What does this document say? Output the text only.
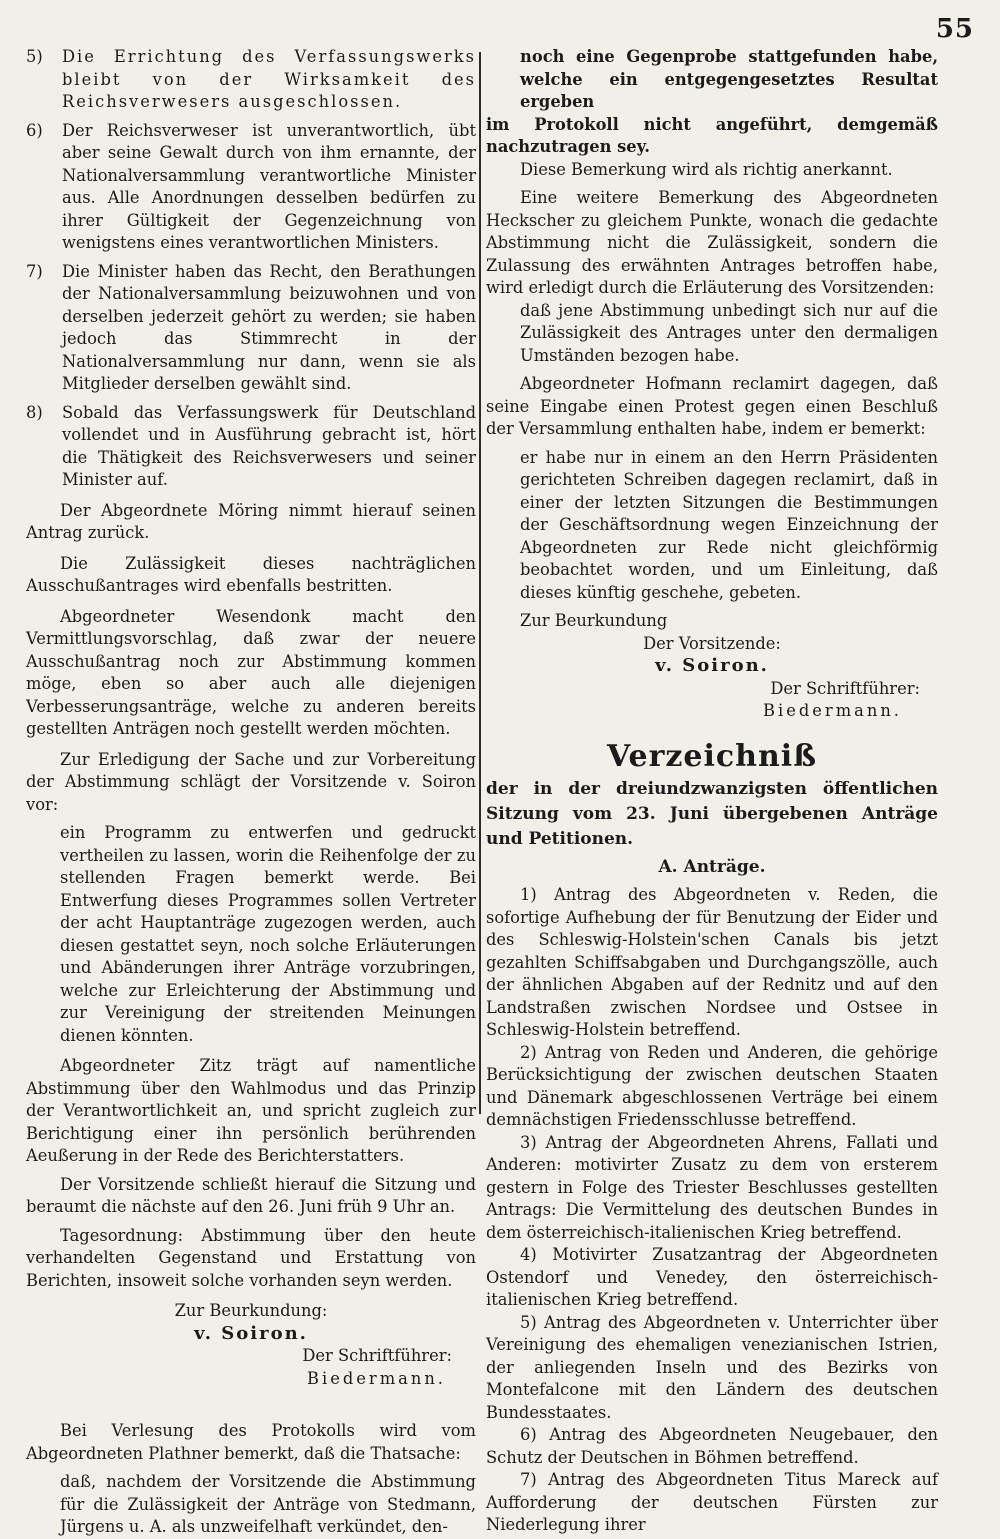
55
5)	Die Errichtung des Verfassungswerks bleibt von der Wirksamkeit des Reichsverwesers ausgeschlossen.
6)	Der Reichsverweser ist unverantwortlich, übt aber seine Gewalt durch von ihm ernannte, der Nationalversammlung verantwortliche Minister aus. Alle Anordnungen desselben bedürfen zu ihrer Gültigkeit der Gegenzeichnung von wenigstens eines verantwortlichen Ministers.
7)	Die Minister haben das Recht, den Berathungen der Nationalversammlung beizuwohnen und von derselben jederzeit gehört zu werden; sie haben jedoch das Stimmrecht in der Nationalversammlung nur dann, wenn sie als Mitglieder derselben gewählt sind.
8)	Sobald das Verfassungswerk für Deutschland vollendet und in Ausführung gebracht ist, hört die Thätigkeit des Reichsverwesers und seiner Minister auf.

Der Abgeordnete Möring nimmt hierauf seinen Antrag zurück.

Die Zulässigkeit dieses nachträglichen Ausschußantrages wird ebenfalls bestritten.

Abgeordneter Wesendonk macht den Vermittlungsvorschlag, daß zwar der neuere Ausschußantrag noch zur Abstimmung kommen möge, eben so aber auch alle diejenigen Verbesserungsanträge, welche zu anderen bereits gestellten Anträgen noch gestellt werden möchten.

Zur Erledigung der Sache und zur Vorbereitung der Abstimmung schlägt der Vorsitzende v. Soiron vor:

ein Programm zu entwerfen und gedruckt vertheilen zu lassen, worin die Reihenfolge der zu stellenden Fragen bemerkt werde. Bei Entwerfung dieses Programmes sollen Vertreter der acht Hauptanträge zugezogen werden, auch diesen gestattet seyn, noch solche Erläuterungen und Abänderungen ihrer Anträge vorzubringen, welche zur Erleichterung der Abstimmung und zur Vereinigung der streitenden Meinungen dienen könnten.

Abgeordneter Zitz trägt auf namentliche Abstimmung über den Wahlmodus und das Prinzip der Verantwortlichkeit an, und spricht zugleich zur Berichtigung einer ihn persönlich berührenden Aeußerung in der Rede des Berichterstatters.

Der Vorsitzende schließt hierauf die Sitzung und beraumt die nächste auf den 26. Juni früh 9 Uhr an.

Tagesordnung: Abstimmung über den heute verhandelten Gegenstand und Erstattung von Berichten, insoweit solche vorhanden seyn werden.

Zur Beurkundung:
v. Soiron.
Der Schriftführer:
Biedermann.

Bei Verlesung des Protokolls wird vom Abgeordneten Plathner bemerkt, daß die Thatsache:

daß, nachdem der Vorsitzende die Abstimmung für die Zulässigkeit der Anträge von Stedmann, Jürgens u. A. als unzweifelhaft verkündet, den-

noch eine Gegenprobe stattgefunden habe, welche ein entgegengesetztes Resultat ergeben

im Protokoll nicht angeführt, demgemäß nachzutragen sey.

Diese Bemerkung wird als richtig anerkannt.

Eine weitere Bemerkung des Abgeordneten Heckscher zu gleichem Punkte, wonach die gedachte Abstimmung nicht die Zulässigkeit, sondern die Zulassung des erwähnten Antrages betroffen habe, wird erledigt durch die Erläuterung des Vorsitzenden:

daß jene Abstimmung unbedingt sich nur auf die Zulässigkeit des Antrages unter den dermaligen Umständen bezogen habe.

Abgeordneter Hofmann reclamirt dagegen, daß seine Eingabe einen Protest gegen einen Beschluß der Versammlung enthalten habe, indem er bemerkt:

er habe nur in einem an den Herrn Präsidenten gerichteten Schreiben dagegen reclamirt, daß in einer der letzten Sitzungen die Bestimmungen der Geschäftsordnung wegen Einzeichnung der Abgeordneten zur Rede nicht gleichförmig beobachtet worden, und um Einleitung, daß dieses künftig geschehe, gebeten.

Zur Beurkundung

Der Vorsitzende:
v. Soiron.
Der Schriftführer:
Biedermann.
Verzeichniß

der in der dreiundzwanzigsten öffentlichen Sitzung vom 23. Juni übergebenen Anträge und Petitionen.

A. Anträge.

1) Antrag des Abgeordneten v. Reden, die sofortige Aufhebung der für Benutzung der Eider und des Schleswig-Holstein'schen Canals bis jetzt gezahlten Schiffsabgaben und Durchgangszölle, auch der ähnlichen Abgaben auf der Rednitz und auf den Landstraßen zwischen Nordsee und Ostsee in Schleswig-Holstein betreffend.

2) Antrag von Reden und Anderen, die gehörige Berücksichtigung der zwischen deutschen Staaten und Dänemark abgeschlossenen Verträge bei einem demnächstigen Friedensschlusse betreffend.

3) Antrag der Abgeordneten Ahrens, Fallati und Anderen: motivirter Zusatz zu dem von ersterem gestern in Folge des Triester Beschlusses gestellten Antrags: Die Vermittelung des deutschen Bundes in dem österreichisch-italienischen Krieg betreffend.

4) Motivirter Zusatzantrag der Abgeordneten Ostendorf und Venedey, den österreichisch-italienischen Krieg betreffend.

5) Antrag des Abgeordneten v. Unterrichter über Vereinigung des ehemaligen venezianischen Istrien, der anliegenden Inseln und des Bezirks von Montefalcone mit den Ländern des deutschen Bundesstaates.

6) Antrag des Abgeordneten Neugebauer, den Schutz der Deutschen in Böhmen betreffend.

7) Antrag des Abgeordneten Titus Mareck auf Aufforderung der deutschen Fürsten zur Niederlegung ihrer
